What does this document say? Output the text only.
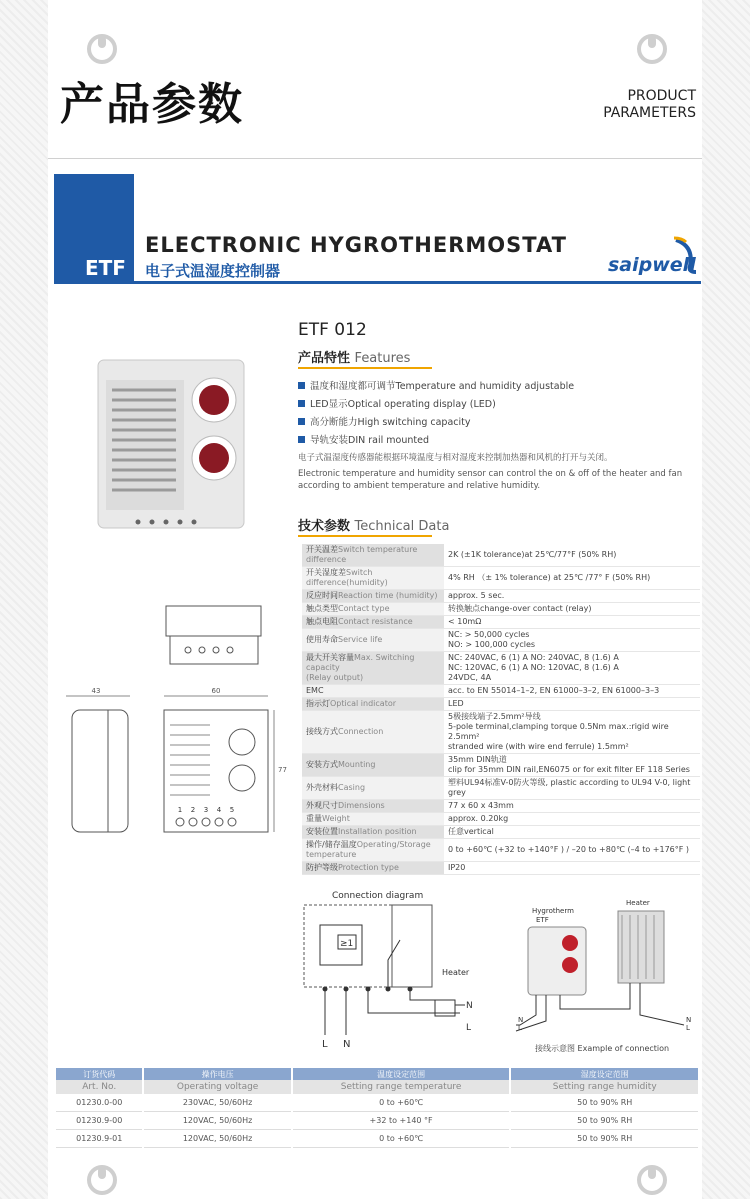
产品参数	PRODUCT
PARAMETERS
ETF
ELECTRONIC HYGROTHERMOSTAT
电子式温湿度控制器	saipwell
43	60
77
1 2 3 4 5
ETF 012
产品特性 Features
温度和湿度都可调节Temperature and humidity adjustable
LED显示Optical operating display (LED)
高分断能力High switching capacity
导轨安装DIN rail mounted
电子式温湿度传感器能根据环境温度与相对湿度来控制加热器和风机的打开与关闭。
Electronic temperature and humidity sensor can control the on & off of the heater and fan according to ambient temperature and relative humidity.
技术参数 Technical Data
开关温差Switch temperature difference	2K (±1K tolerance)at 25℃/77°F (50% RH)
开关湿度差Switch difference(humidity)	4% RH （± 1% tolerance) at 25℃ /77° F (50% RH)
反应时间Reaction time (humidity)	approx. 5 sec.
触点类型Contact type	转换触点change-over contact (relay)
触点电阻Contact resistance	< 10mΩ
使用寿命Service life	NC: > 50,000 cycles
NO: > 100,000 cycles
最大开关容量Max. Switching capacity
(Relay output)	NC: 240VAC, 6 (1) A NO: 240VAC, 8 (1.6) A
NC: 120VAC, 6 (1) A NO: 120VAC, 8 (1.6) A
24VDC, 4A
EMC	acc. to EN 55014–1–2, EN 61000–3–2, EN 61000–3–3
指示灯Optical indicator	LED
接线方式Connection	5极接线端子2.5mm²导线
5-pole terminal,clamping torque 0.5Nm max.:rigid wire 2.5mm²
stranded wire (with wire end ferrule) 1.5mm²
安装方式Mounting	35mm DIN轨道
clip for 35mm DIN rail,EN6075 or for exit filter EF 118 Series
外壳材料Casing	塑料UL94标准V-0防火等级, plastic according to UL94 V-0, light grey
外观尺寸Dimensions	77 x 60 x 43mm
重量Weight	approx. 0.20kg
安装位置Installation position	任意vertical
操作/储存温度Operating/Storage temperature	0 to +60℃ (+32 to +140°F ) / –20 to +80℃ (–4 to +176°F )
防护等级Protection type	IP20
Connection diagram
≥1
Heater
L N
N
L
Hygrotherm
ETF
Heater
N
L
N
L
接线示意图 Example of connection
订货代码	操作电压	温度设定范围	湿度设定范围
Art. No.	Operating voltage	Setting range temperature	Setting range humidity
01230.0-00	230VAC, 50/60Hz	0 to +60℃	50 to 90% RH
01230.9-00	120VAC, 50/60Hz	+32 to +140 °F	50 to 90% RH
01230.9-01	120VAC, 50/60Hz	0 to +60℃	50 to 90% RH
